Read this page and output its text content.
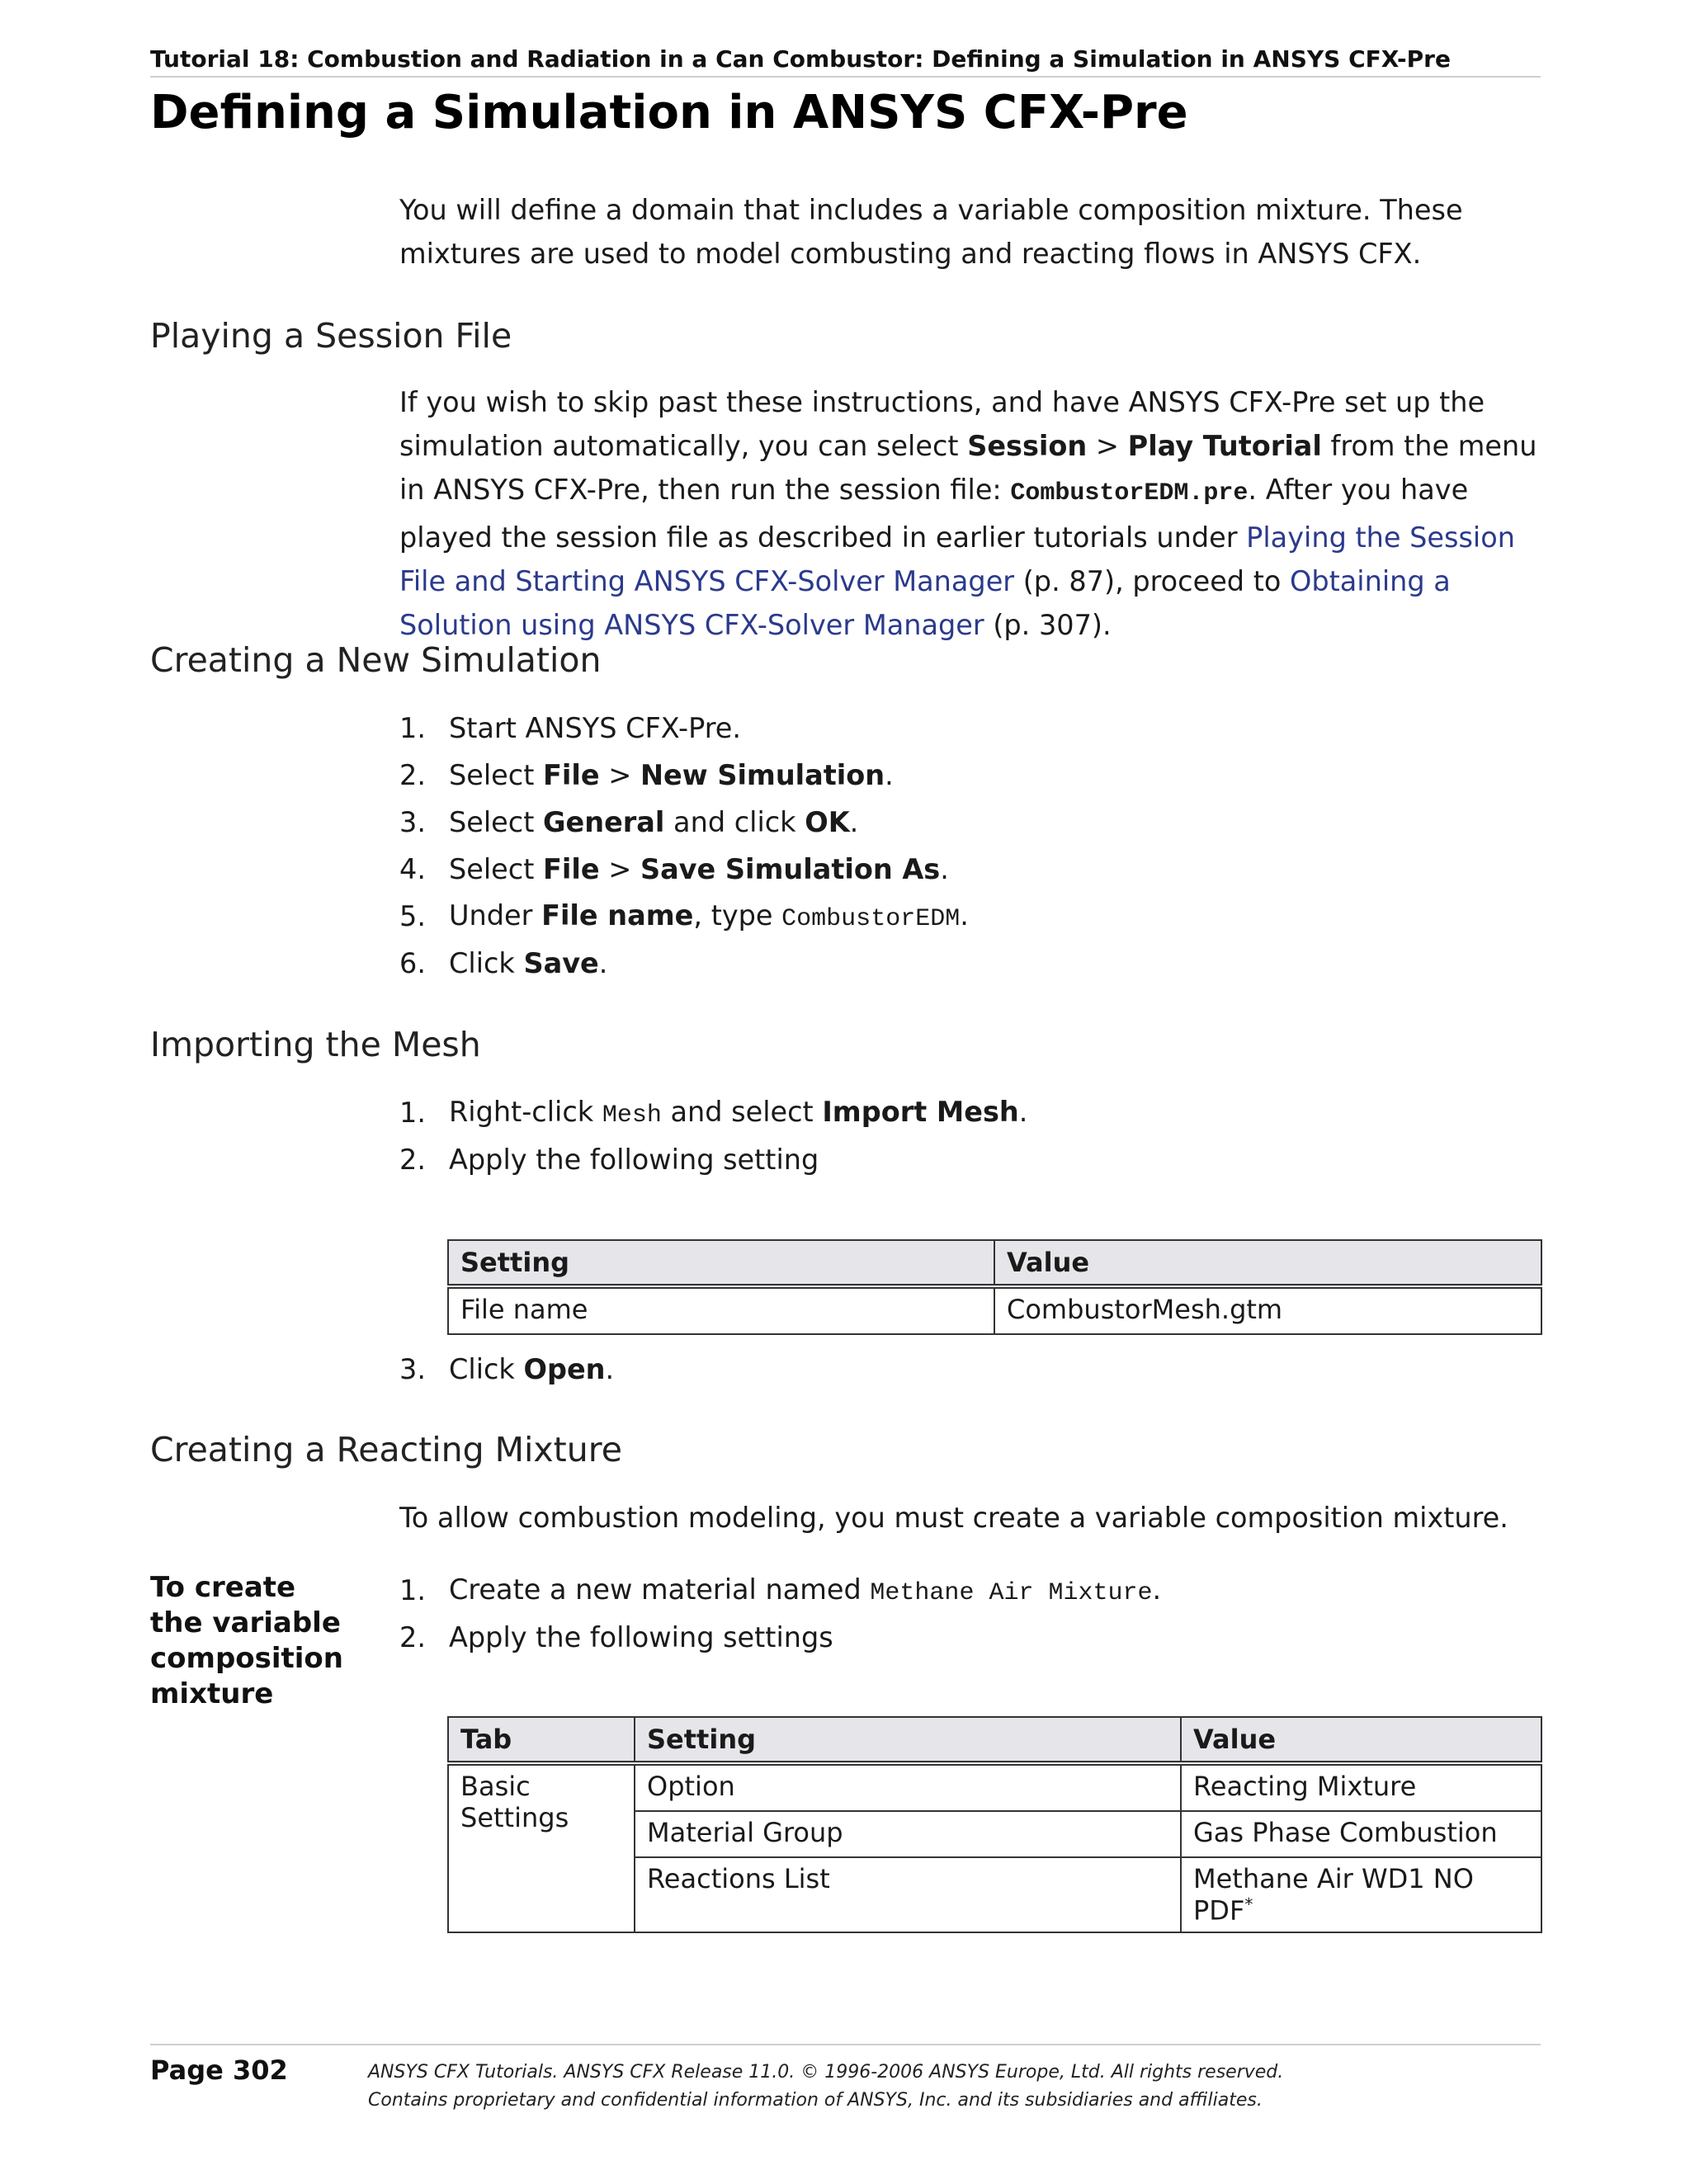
Tutorial 18: Combustion and Radiation in a Can Combustor: Defining a Simulation in ANSYS CFX-Pre
Defining a Simulation in ANSYS CFX-Pre

You will define a domain that includes a variable composition mixture. These mixtures are used to model combusting and reacting flows in ANSYS CFX.

Playing a Session File

If you wish to skip past these instructions, and have ANSYS CFX-Pre set up the simulation automatically, you can select Session > Play Tutorial from the menu in ANSYS CFX-Pre, then run the session file: CombustorEDM.pre. After you have played the session file as described in earlier tutorials under Playing the Session File and Starting ANSYS CFX-Solver Manager (p. 87), proceed to Obtaining a Solution using ANSYS CFX-Solver Manager (p. 307).

Creating a New Simulation
1. Start ANSYS CFX-Pre.
2. Select File > New Simulation.
3. Select General and click OK.
4. Select File > Save Simulation As.
5. Under File name, type CombustorEDM.
6. Click Save.
Importing the Mesh
1. Right-click Mesh and select Import Mesh.
2. Apply the following setting
Setting	Value
File name	CombustorMesh.gtm
3. Click Open.
Creating a Reacting Mixture

To allow combustion modeling, you must create a variable composition mixture.

To create the variable composition mixture
1. Create a new material named Methane Air Mixture.
2. Apply the following settings
Tab	Setting	Value
Basic Settings	Option	Reacting Mixture
	Material Group	Gas Phase Combustion
	Reactions List	Methane Air WD1 NO PDF*
Page 302	ANSYS CFX Tutorials. ANSYS CFX Release 11.0. © 1996-2006 ANSYS Europe, Ltd. All rights reserved.
Contains proprietary and confidential information of ANSYS, Inc. and its subsidiaries and affiliates.
